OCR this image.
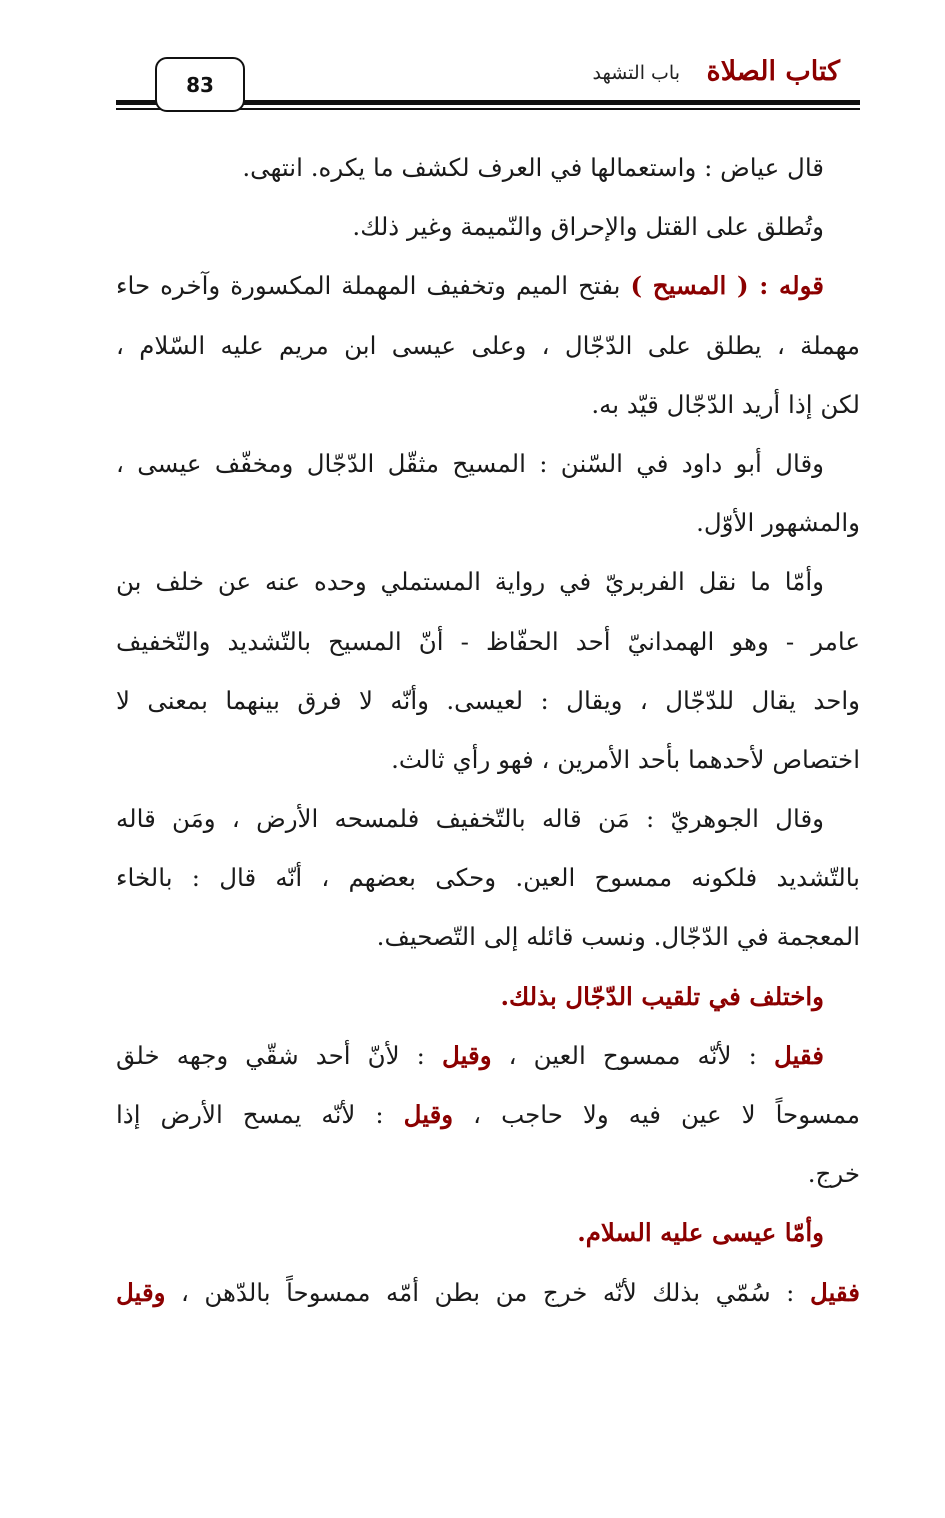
كتاب الصلاة
باب التشهد
83
قال عياض : واستعمالها في العرف لكشف ما يكره. انتهى.
وتُطلق على القتل والإحراق والنّميمة وغير ذلك.
قوله : ( المسيح ) بفتح الميم وتخفيف المهملة المكسورة وآخره حاء
مهملة ، يطلق على الدّجّال ، وعلى عيسى ابن مريم عليه السّلام ،
لكن إذا أريد الدّجّال قيّد به.
وقال أبو داود في السّنن : المسيح مثقّل الدّجّال ومخفّف عيسى ،
والمشهور الأوّل.
وأمّا ما نقل الفربريّ في رواية المستملي وحده عنه عن خلف بن
عامر - وهو الهمدانيّ أحد الحفّاظ - أنّ المسيح بالتّشديد والتّخفيف
واحد يقال للدّجّال ، ويقال : لعيسى. وأنّه لا فرق بينهما بمعنى لا
اختصاص لأحدهما بأحد الأمرين ، فهو رأي ثالث.
وقال الجوهريّ : مَن قاله بالتّخفيف فلمسحه الأرض ، ومَن قاله
بالتّشديد فلكونه ممسوح العين. وحكى بعضهم ، أنّه قال : بالخاء
المعجمة في الدّجّال. ونسب قائله إلى التّصحيف.
واختلف في تلقيب الدّجّال بذلك.
فقيل : لأنّه ممسوح العين ، وقيل : لأنّ أحد شقّي وجهه خلق
ممسوحاً لا عين فيه ولا حاجب ، وقيل : لأنّه يمسح الأرض إذا
خرج.
وأمّا عيسى عليه السلام.
فقيل : سُمّي بذلك لأنّه خرج من بطن أمّه ممسوحاً بالدّهن ، وقيل
